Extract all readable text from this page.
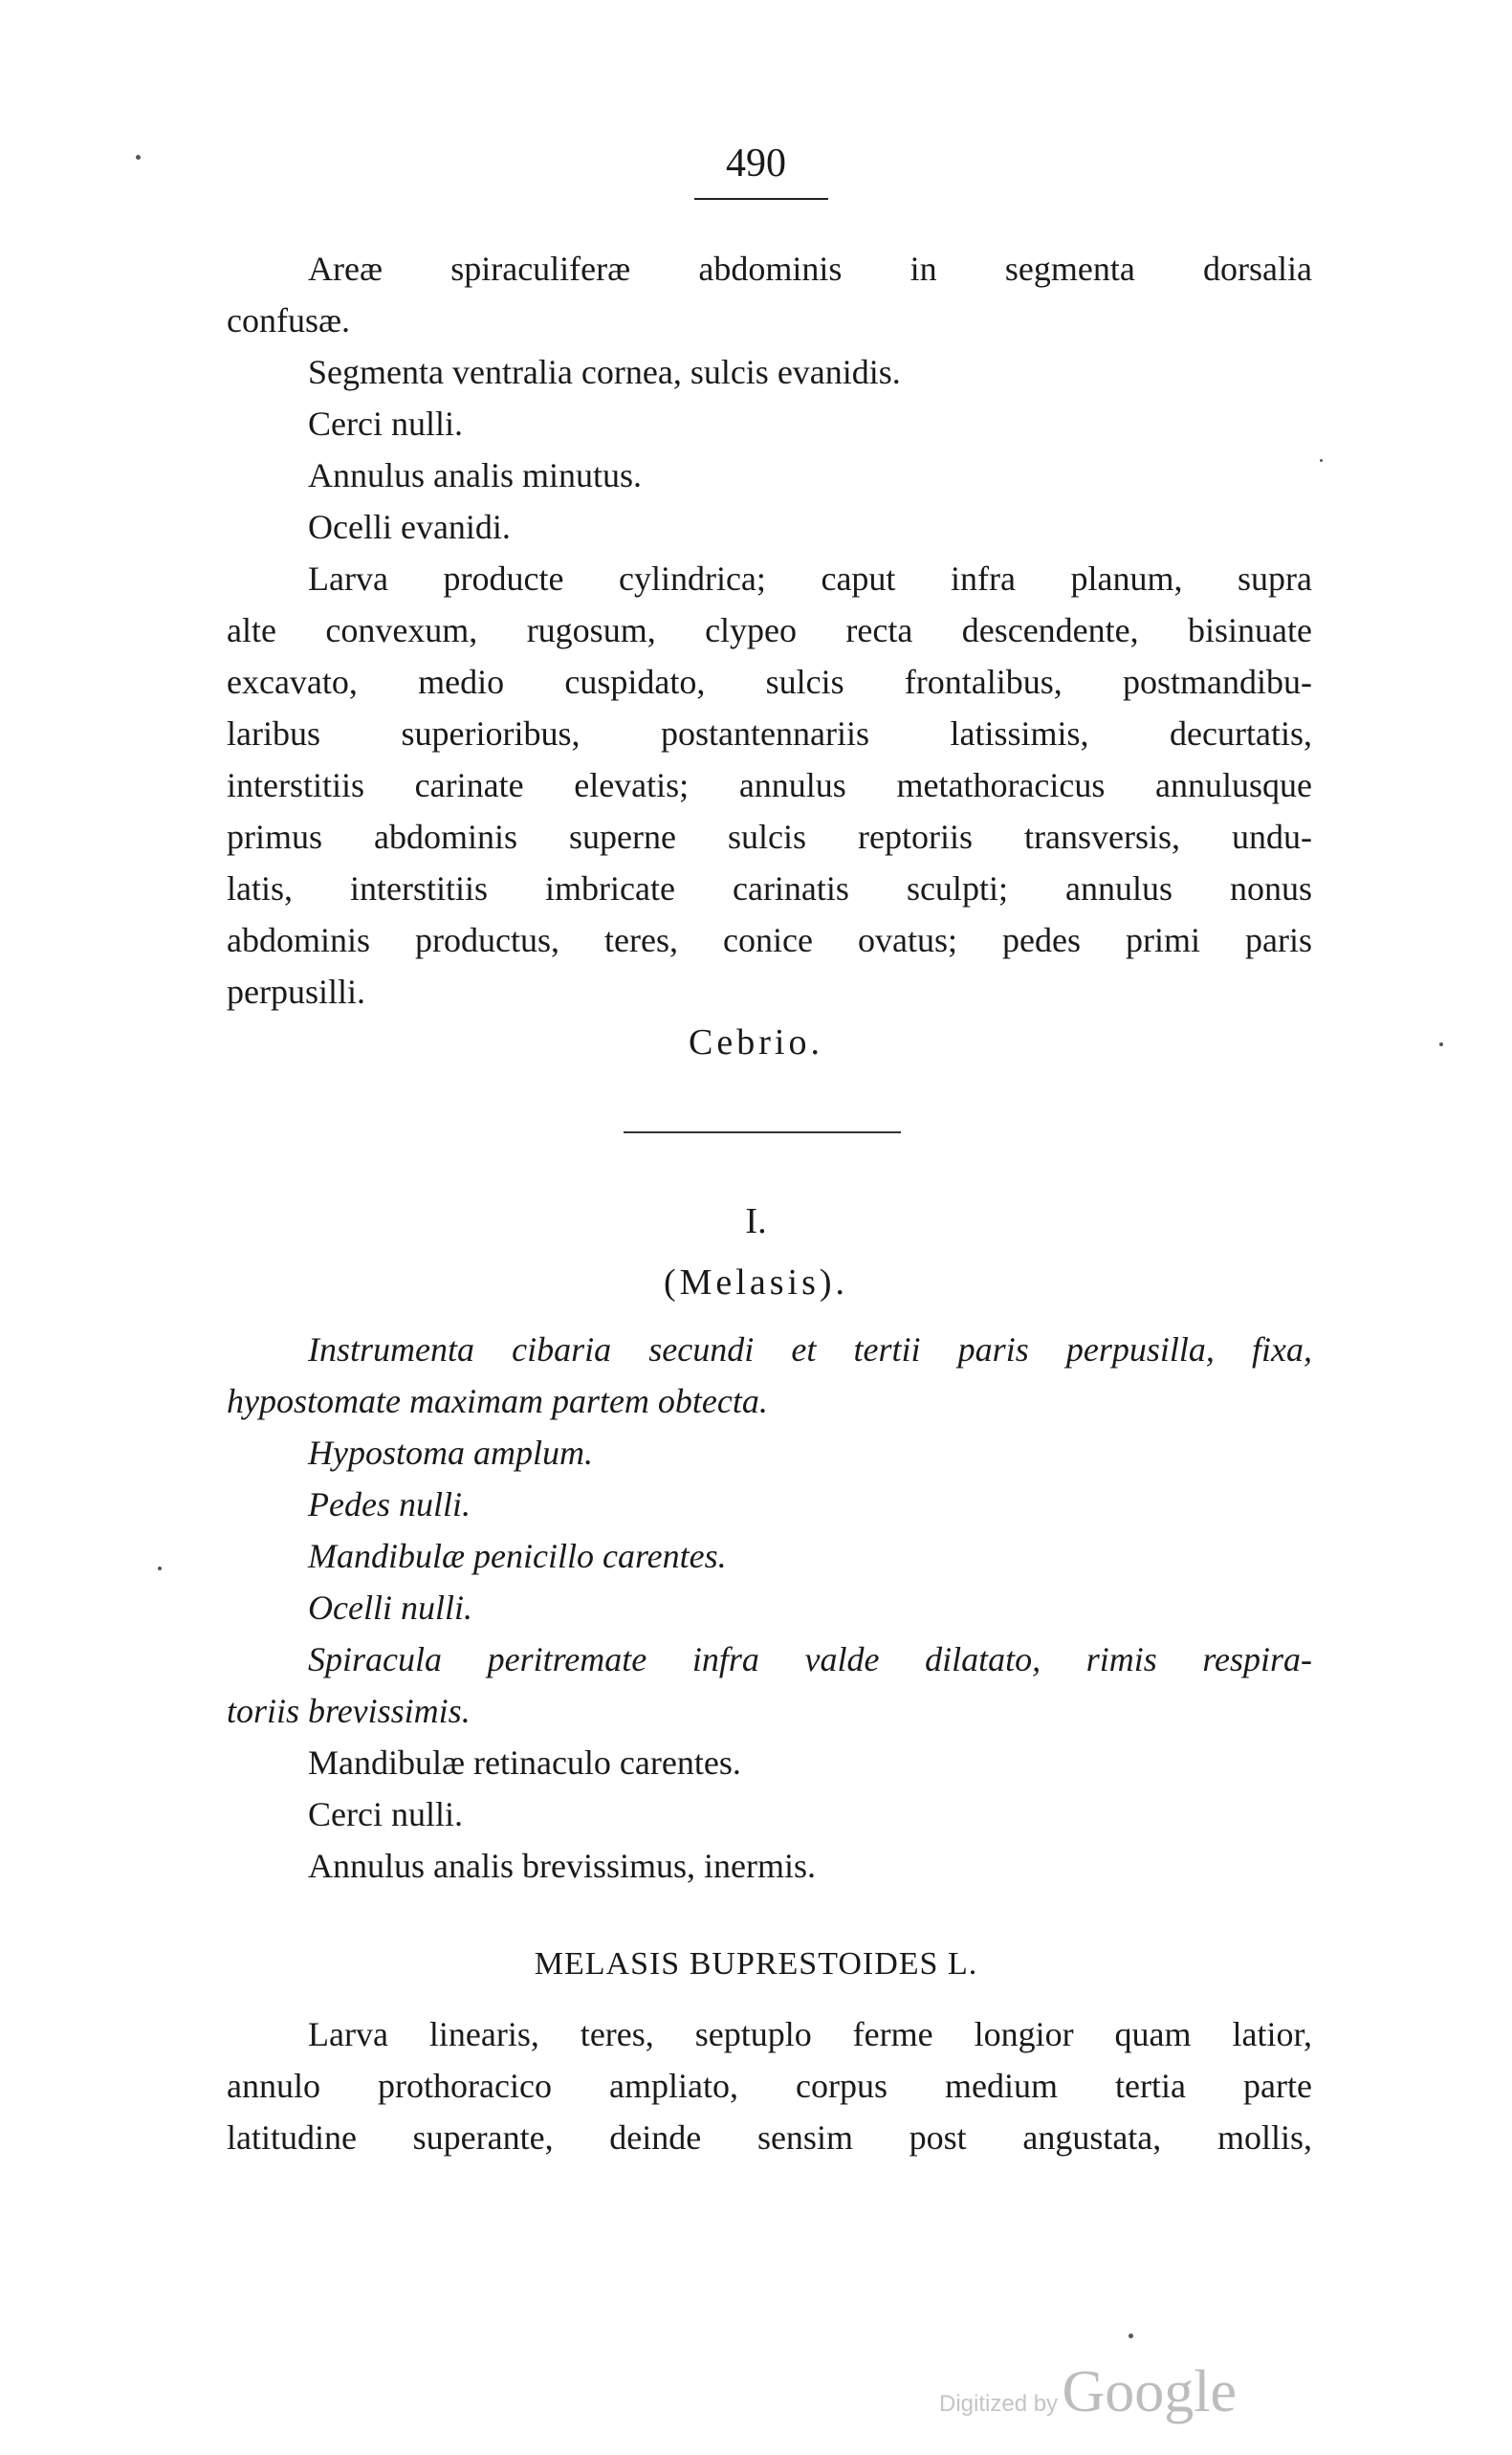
490
Areæ spiraculiferæ abdominis in segmenta dorsalia
confusæ.
Segmenta ventralia cornea, sulcis evanidis.
Cerci nulli.
Annulus analis minutus.
Ocelli evanidi.
Larva producte cylindrica; caput infra planum, supra
alte convexum, rugosum, clypeo recta descendente, bisinuate
excavato, medio cuspidato, sulcis frontalibus, postmandibu-
laribus superioribus, postantennariis latissimis, decurtatis,
interstitiis carinate elevatis; annulus metathoracicus annulusque
primus abdominis superne sulcis reptoriis transversis, undu-
latis, interstitiis imbricate carinatis sculpti; annulus nonus
abdominis productus, teres, conice ovatus; pedes primi paris
perpusilli.
Cebrio.
I.
(Melasis).
Instrumenta cibaria secundi et tertii paris perpusilla, fixa,
hypostomate maximam partem obtecta.
Hypostoma amplum.
Pedes nulli.
Mandibulæ penicillo carentes.
Ocelli nulli.
Spiracula peritremate infra valde dilatato, rimis respira-
toriis brevissimis.
Mandibulæ retinaculo carentes.
Cerci nulli.
Annulus analis brevissimus, inermis.
MELASIS BUPRESTOIDES L.
Larva linearis, teres, septuplo ferme longior quam latior,
annulo prothoracico ampliato, corpus medium tertia parte
latitudine superante, deinde sensim post angustata, mollis,
Digitized by Google
